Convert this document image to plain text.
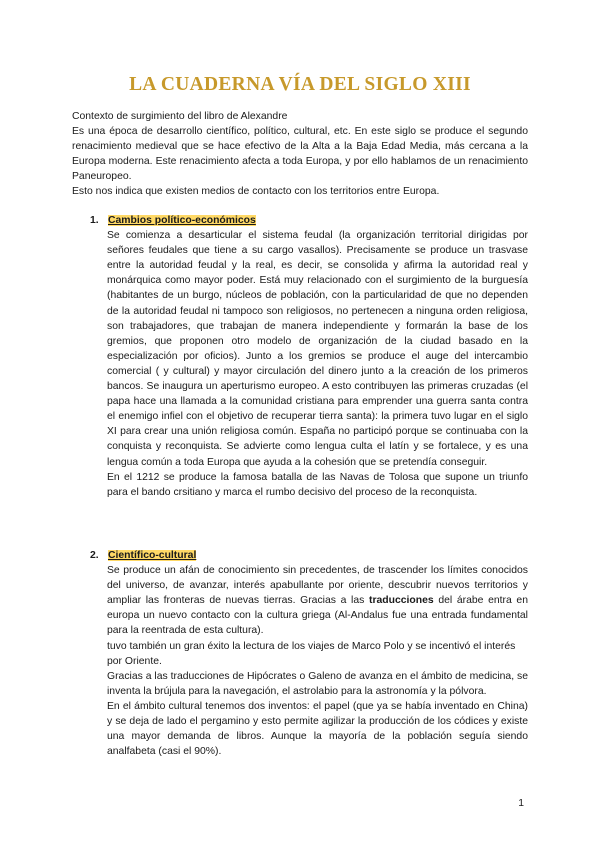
LA CUADERNA VÍA DEL SIGLO XIII

Contexto de surgimiento del libro de Alexandre

Es una época de desarrollo científico, político, cultural, etc. En este siglo se produce el segundo renacimiento medieval que se hace efectivo de la Alta a la Baja Edad Media, más cercana a la Europa moderna. Este renacimiento afecta a toda Europa, y por ello hablamos de un renacimiento Paneuropeo.

Esto nos indica que existen medios de contacto con los territorios entre Europa.

1. Cambios político-económicos

Se comienza a desarticular el sistema feudal (la organización territorial dirigidas por señores feudales que tiene a su cargo vasallos). Precisamente se produce un trasvase entre la autoridad feudal y la real, es decir, se consolida y afirma la autoridad real y monárquica como mayor poder. Está muy relacionado con el surgimiento de la burguesía (habitantes de un burgo, núcleos de población, con la particularidad de que no dependen de la autoridad feudal ni tampoco son religiosos, no pertenecen a ninguna orden religiosa, son trabajadores, que trabajan de manera independiente y formarán la base de los gremios, que proponen otro modelo de organización de la ciudad basado en la especialización por oficios). Junto a los gremios se produce el auge del intercambio comercial ( y cultural) y mayor circulación del dinero junto a la creación de los primeros bancos. Se inaugura un aperturismo europeo. A esto contribuyen las primeras cruzadas (el papa hace una llamada a la comunidad cristiana para emprender una guerra santa contra el enemigo infiel con el objetivo de recuperar tierra santa): la primera tuvo lugar en el siglo XI para crear una unión religiosa común. España no participó porque se continuaba con la conquista y reconquista. Se advierte como lengua culta el latín y se fortalece, y es una lengua común a toda Europa que ayuda a la cohesión que se pretendía conseguir.

En el 1212 se produce la famosa batalla de las Navas de Tolosa que supone un triunfo para el bando crsitiano y marca el rumbo decisivo del proceso de la reconquista.

2. Científico-cultural

Se produce un afán de conocimiento sin precedentes, de trascender los límites conocidos del universo, de avanzar, interés apabullante por oriente, descubrir nuevos territorios y ampliar las fronteras de nuevas tierras. Gracias a las traducciones del árabe entra en europa un nuevo contacto con la cultura griega (Al-Andalus fue una entrada fundamental para la reentrada de esta cultura).

tuvo también un gran éxito la lectura de los viajes de Marco Polo y se incentivó el interés por Oriente.

Gracias a las traducciones de Hipócrates o Galeno de avanza en el ámbito de medicina, se inventa la brújula para la navegación, el astrolabio para la astronomía y la pólvora.

En el ámbito cultural tenemos dos inventos: el papel (que ya se había inventado en China) y se deja de lado el pergamino y esto permite agilizar la producción de los códices y existe una mayor demanda de libros. Aunque la mayoría de la población seguía siendo analfabeta (casi el 90%).

1
